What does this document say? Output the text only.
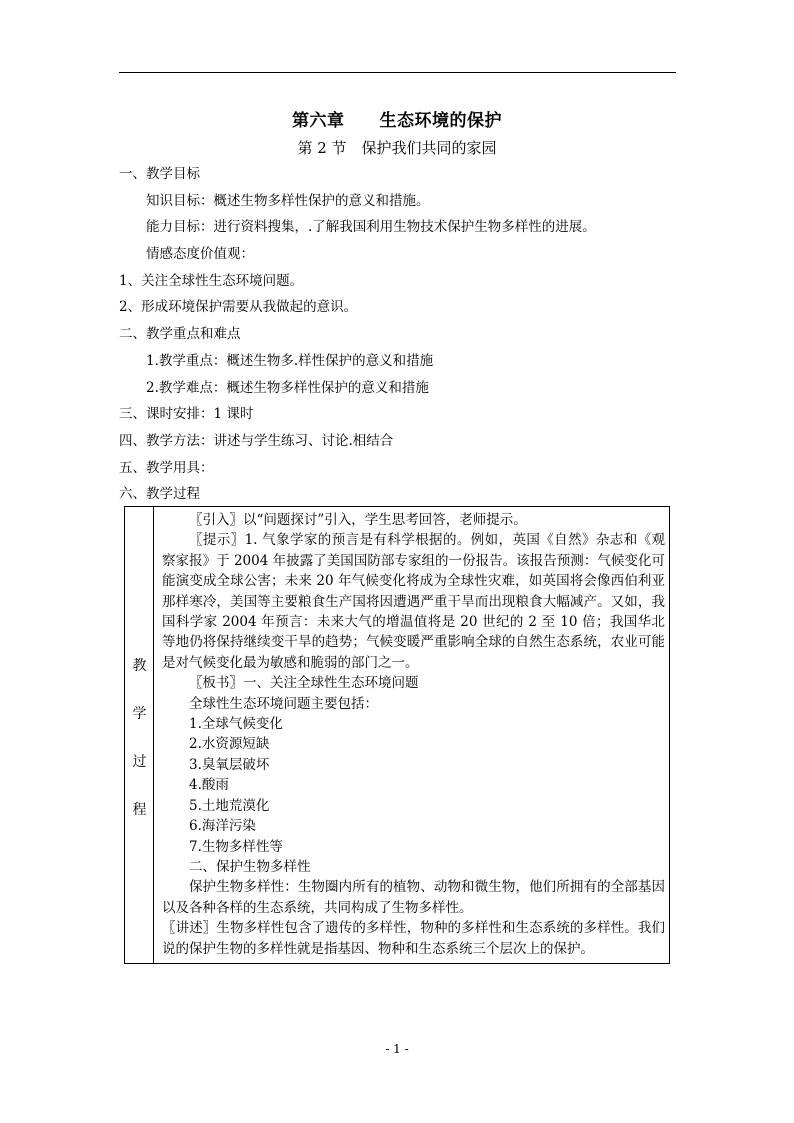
第六章　　生态环境的保护
第 2 节　保护我们共同的家园
一、教学目标
知识目标：概述生物多样性保护的意义和措施。
能力目标：进行资料搜集，.了解我国利用生物技术保护生物多样性的进展。
情感态度价值观：
1、关注全球性生态环境问题。
2、形成环境保护需要从我做起的意识。
二、教学重点和难点
1.教学重点：概述生物多.样性保护的意义和措施
2.教学难点：概述生物多样性保护的意义和措施
三、课时安排：1 课时
四、教学方法：讲述与学生练习、讨论.相结合
五、教学用具：
六、教学过程
教
学
过
程

〖引入〗以“问题探讨”引入，学生思考回答，老师提示。

〖提示〗1. 气象学家的预言是有科学根据的。例如，英国《自然》杂志和《观察家报》于 2004 年披露了美国国防部专家组的一份报告。该报告预测：气候变化可能演变成全球公害；未来 20 年气候变化将成为全球性灾难，如英国将会像西伯利亚那样寒冷，美国等主要粮食生产国将因遭遇严重干旱而出现粮食大幅减产。又如，我国科学家 2004 年预言：未来大气的增温值将是 20 世纪的 2 至 10 倍；我国华北等地仍将保持继续变干旱的趋势；气候变暖严重影响全球的自然生态系统，农业可能是对气候变化最为敏感和脆弱的部门之一。

〖板书〗一、关注全球性生态环境问题

全球性生态环境问题主要包括：

1.全球气候变化

2.水资源短缺

3.臭氧层破坏

4.酸雨

5.土地荒漠化

6.海洋污染

7.生物多样性等

二、保护生物多样性

保护生物多样性：生物圈内所有的植物、动物和微生物，他们所拥有的全部基因以及各种各样的生态系统，共同构成了生物多样性。

〖讲述〗生物多样性包含了遗传的多样性，物种的多样性和生态系统的多样性。我们说的保护生物的多样性就是指基因、物种和生态系统三个层次上的保护。

- 1 -
